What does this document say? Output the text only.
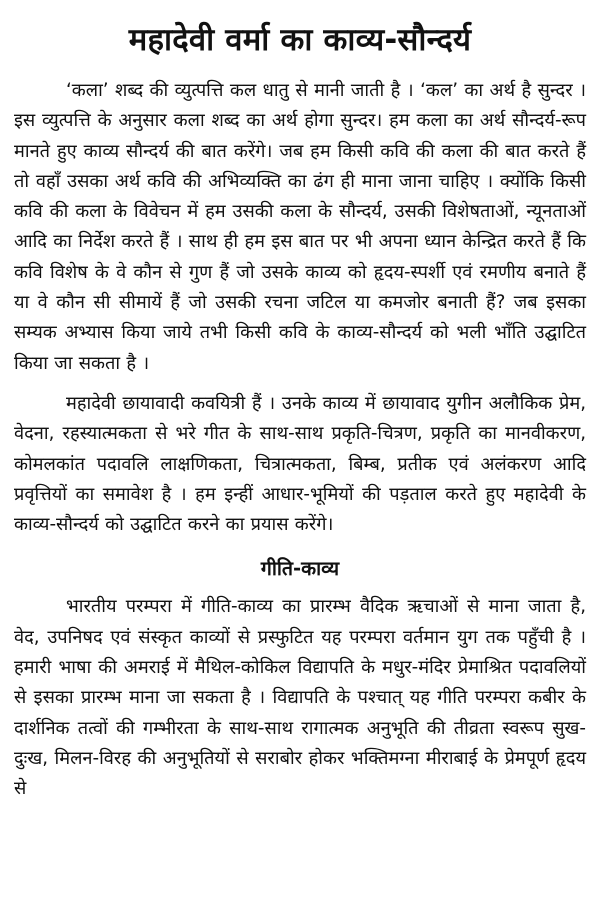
महादेवी वर्मा का काव्य-सौन्दर्य

‘कला’ शब्द की व्युत्पत्ति कल धातु से मानी जाती है । ‘कल’ का अर्थ है सुन्दर । इस व्युत्पत्ति के अनुसार कला शब्द का अर्थ होगा सुन्दर। हम कला का अर्थ सौन्दर्य-रूप मानते हुए काव्य सौन्दर्य की बात करेंगे। जब हम किसी कवि की कला की बात करते हैं तो वहाँ उसका अर्थ कवि की अभिव्यक्ति का ढंग ही माना जाना चाहिए । क्योंकि किसी कवि की कला के विवेचन में हम उसकी कला के सौन्दर्य, उसकी विशेषताओं, न्यूनताओं आदि का निर्देश करते हैं । साथ ही हम इस बात पर भी अपना ध्यान केन्द्रित करते हैं कि कवि विशेष के वे कौन से गुण हैं जो उसके काव्य को हृदय-स्पर्शी एवं रमणीय बनाते हैं या वे कौन सी सीमायें हैं जो उसकी रचना जटिल या कमजोर बनाती हैं? जब इसका सम्यक अभ्यास किया जाये तभी किसी कवि के काव्य-सौन्दर्य को भली भाँति उद्घाटित किया जा सकता है ।

महादेवी छायावादी कवयित्री हैं । उनके काव्य में छायावाद युगीन अलौकिक प्रेम, वेदना, रहस्यात्मकता से भरे गीत के साथ-साथ प्रकृति-चित्रण, प्रकृति का मानवीकरण, कोमलकांत पदावलि लाक्षणिकता, चित्रात्मकता, बिम्ब, प्रतीक एवं अलंकरण आदि प्रवृत्तियों का समावेश है । हम इन्हीं आधार-भूमियों की पड़ताल करते हुए महादेवी के काव्य-सौन्दर्य को उद्घाटित करने का प्रयास करेंगे।

गीति-काव्य

भारतीय परम्परा में गीति-काव्य का प्रारम्भ वैदिक ऋचाओं से माना जाता है, वेद, उपनिषद एवं संस्कृत काव्यों से प्रस्फुटित यह परम्परा वर्तमान युग तक पहुँची है । हमारी भाषा की अमराई में मैथिल-कोकिल विद्यापति के मधुर-मंदिर प्रेमाश्रित पदावलियों से इसका प्रारम्भ माना जा सकता है । विद्यापति के पश्चात् यह गीति परम्परा कबीर के दार्शनिक तत्वों की गम्भीरता के साथ-साथ रागात्मक अनुभूति की तीव्रता स्वरूप सुख-दुःख, मिलन-विरह की अनुभूतियों से सराबोर होकर भक्तिमग्ना मीराबाई के प्रेमपूर्ण हृदय से
